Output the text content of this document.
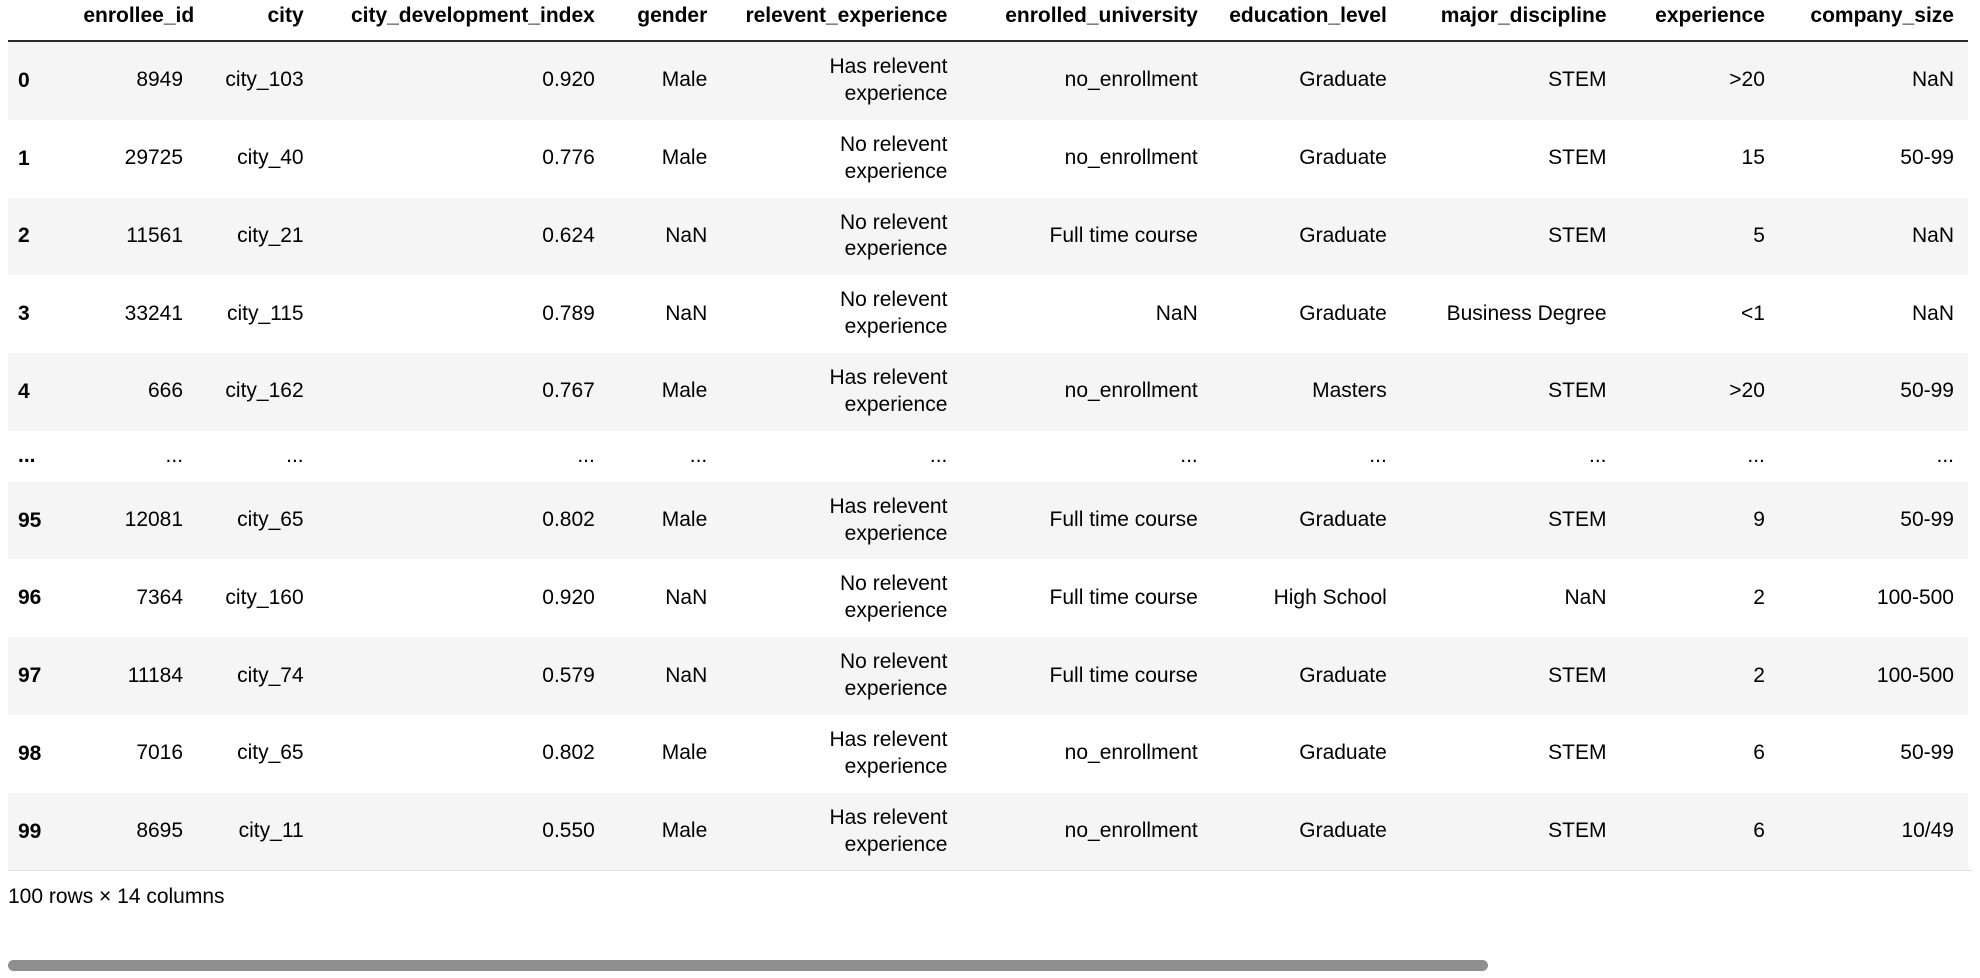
	enrollee_id	city	city_development_index	gender	relevent_experience	enrolled_university	education_level	major_discipline	experience	company_size
0	8949	city_103	0.920	Male	Has relevent experience	no_enrollment	Graduate	STEM	>20	NaN
1	29725	city_40	0.776	Male	No relevent experience	no_enrollment	Graduate	STEM	15	50-99
2	11561	city_21	0.624	NaN	No relevent experience	Full time course	Graduate	STEM	5	NaN
3	33241	city_115	0.789	NaN	No relevent experience	NaN	Graduate	Business Degree	<1	NaN
4	666	city_162	0.767	Male	Has relevent experience	no_enrollment	Masters	STEM	>20	50-99
...	...	...	...	...	...	...	...	...	...	...
95	12081	city_65	0.802	Male	Has relevent experience	Full time course	Graduate	STEM	9	50-99
96	7364	city_160	0.920	NaN	No relevent experience	Full time course	High School	NaN	2	100-500
97	11184	city_74	0.579	NaN	No relevent experience	Full time course	Graduate	STEM	2	100-500
98	7016	city_65	0.802	Male	Has relevent experience	no_enrollment	Graduate	STEM	6	50-99
99	8695	city_11	0.550	Male	Has relevent experience	no_enrollment	Graduate	STEM	6	10/49
100 rows × 14 columns
